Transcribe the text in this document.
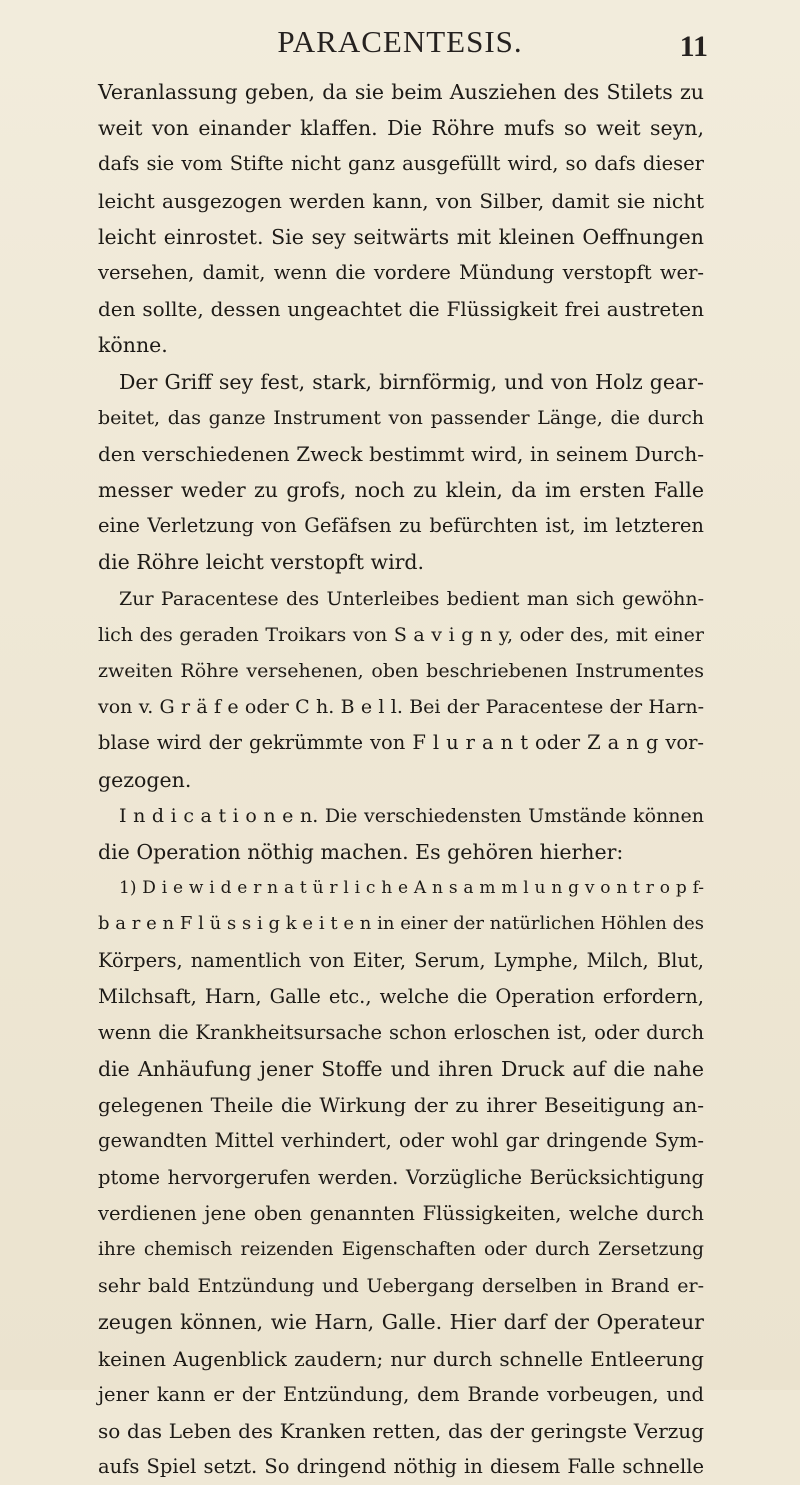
PARACENTESIS.	11
Veranlassung geben, da sie beim Ausziehen des Stilets zu
weit von einander klaffen. Die Röhre mufs so weit seyn,
dafs sie vom Stifte nicht ganz ausgefüllt wird, so dafs dieser
leicht ausgezogen werden kann, von Silber, damit sie nicht
leicht einrostet. Sie sey seitwärts mit kleinen Oeffnungen
versehen, damit, wenn die vordere Mündung verstopft wer-
den sollte, dessen ungeachtet die Flüssigkeit frei austreten
könne.
Der Griff sey fest, stark, birnförmig, und von Holz gear-
beitet, das ganze Instrument von passender Länge, die durch
den verschiedenen Zweck bestimmt wird, in seinem Durch-
messer weder zu grofs, noch zu klein, da im ersten Falle
eine Verletzung von Gefäfsen zu befürchten ist, im letzteren
die Röhre leicht verstopft wird.
Zur Paracentese des Unterleibes bedient man sich gewöhn-
lich des geraden Troikars von S a v i g n y, oder des, mit einer
zweiten Röhre versehenen, oben beschriebenen Instrumentes
von v. G r ä f e oder C h. B e l l. Bei der Paracentese der Harn-
blase wird der gekrümmte von F l u r a n t oder Z a n g vor-
gezogen.
I n d i c a t i o n e n. Die verschiedensten Umstände können
die Operation nöthig machen. Es gehören hierher:
1) D i e w i d e r n a t ü r l i c h e A n s a m m l u n g v o n t r o p f-
b a r e n F l ü s s i g k e i t e n in einer der natürlichen Höhlen des
Körpers, namentlich von Eiter, Serum, Lymphe, Milch, Blut,
Milchsaft, Harn, Galle etc., welche die Operation erfordern,
wenn die Krankheitsursache schon erloschen ist, oder durch
die Anhäufung jener Stoffe und ihren Druck auf die nahe
gelegenen Theile die Wirkung der zu ihrer Beseitigung an-
gewandten Mittel verhindert, oder wohl gar dringende Sym-
ptome hervorgerufen werden. Vorzügliche Berücksichtigung
verdienen jene oben genannten Flüssigkeiten, welche durch
ihre chemisch reizenden Eigenschaften oder durch Zersetzung
sehr bald Entzündung und Uebergang derselben in Brand er-
zeugen können, wie Harn, Galle. Hier darf der Operateur
keinen Augenblick zaudern; nur durch schnelle Entleerung
jener kann er der Entzündung, dem Brande vorbeugen, und
so das Leben des Kranken retten, das der geringste Verzug
aufs Spiel setzt. So dringend nöthig in diesem Falle schnelle
